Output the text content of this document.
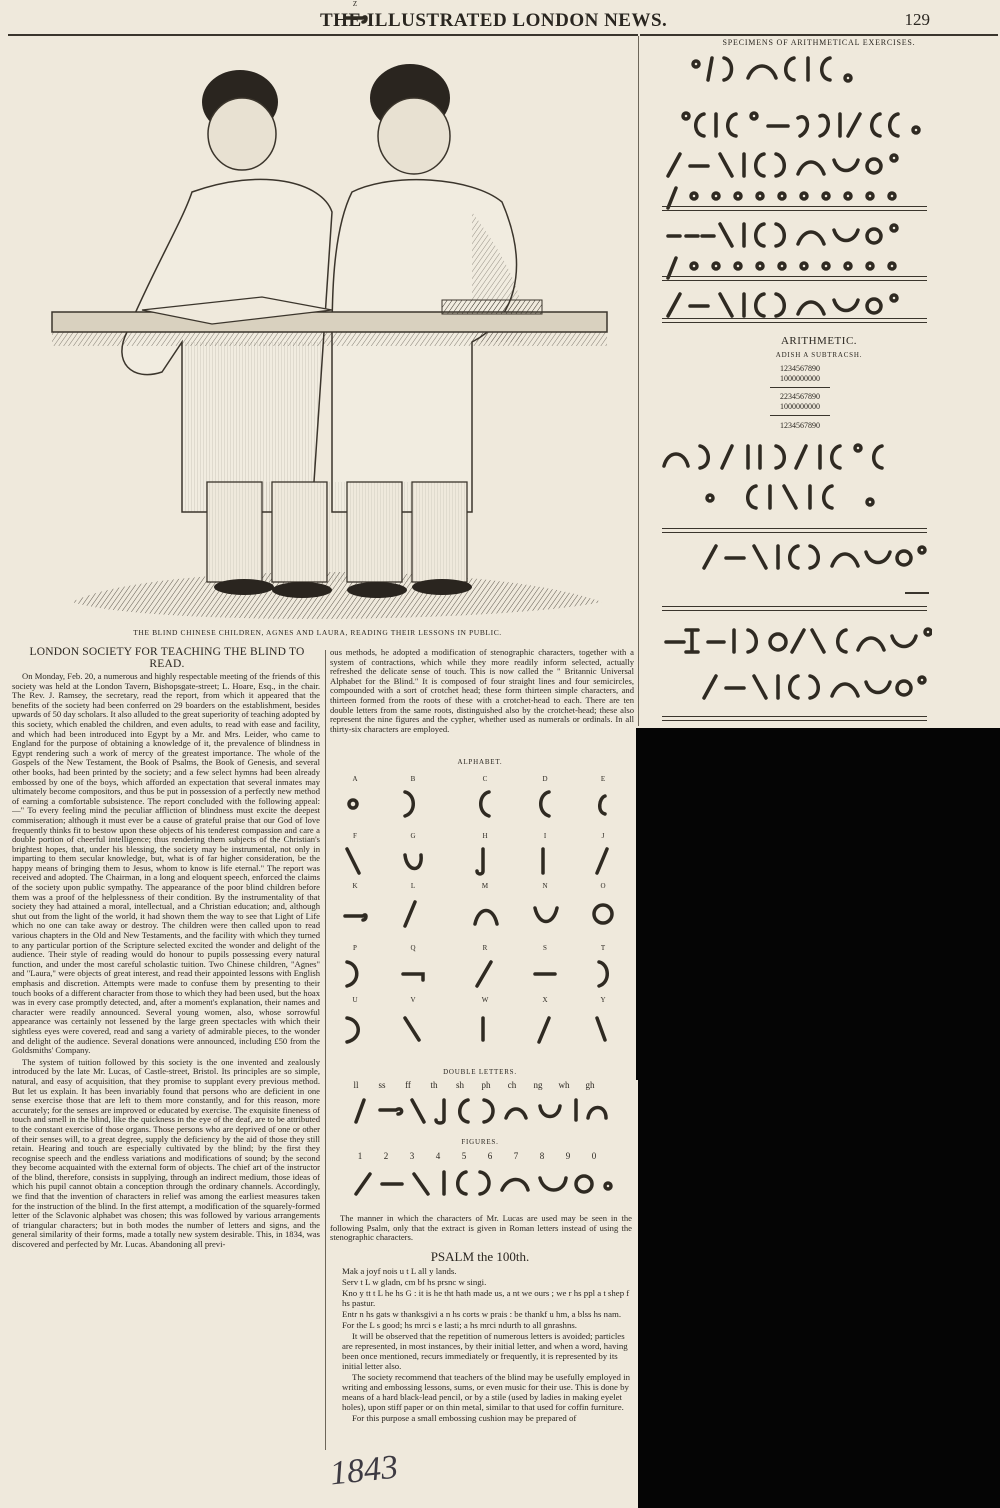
THE ILLUSTRATED LONDON NEWS.	129
THE BLIND CHINESE CHILDREN, AGNES AND LAURA, READING THEIR LESSONS IN PUBLIC.
LONDON SOCIETY FOR TEACHING THE BLIND TO READ.

On Monday, Feb. 20, a numerous and highly respectable meeting of the friends of this society was held at the London Tavern, Bishopsgate-street; L. Hoare, Esq., in the chair. The Rev. J. Ramsey, the secretary, read the report, from which it appeared that the benefits of the society had been conferred on 29 boarders on the establishment, besides upwards of 50 day scholars. It also alluded to the great superiority of teaching adopted by this society, which enabled the children, and even adults, to read with ease and facility, and which had been introduced into Egypt by a Mr. and Mrs. Leider, who came to England for the purpose of obtaining a knowledge of it, the prevalence of blindness in Egypt rendering such a work of mercy of the greatest importance. The whole of the Gospels of the New Testament, the Book of Psalms, the Book of Genesis, and several other books, had been printed by the society; and a few select hymns had been already embossed by one of the boys, which afforded an expectation that several inmates may ultimately become compositors, and thus be put in possession of a perfectly new method of earning a comfortable subsistence. The report concluded with the following appeal:—" To every feeling mind the peculiar affliction of blindness must excite the deepest commiseration; although it must ever be a cause of grateful praise that our God of love frequently thinks fit to bestow upon these objects of his tenderest compassion and care a double portion of cheerful intelligence; thus rendering them subjects of the Christian's brightest hopes, that, under his blessing, the society may be instrumental, not only in imparting to them secular knowledge, but, what is of far higher consideration, be the happy means of bringing them to Jesus, whom to know is life eternal." The report was received and adopted. The Chairman, in a long and eloquent speech, enforced the claims of the society upon public sympathy. The appearance of the poor blind children before them was a proof of the helplessness of their condition. By the instrumentality of that society they had attained a moral, intellectual, and a Christian education; and, although shut out from the light of the world, it had shown them the way to see that Light of Life which no one can take away or destroy. The children were then called upon to read various chapters in the Old and New Testaments, and the facility with which they turned to any particular portion of the Scripture selected excited the wonder and delight of the audience. Their style of reading would do honour to pupils possessing every natural function, and under the most careful scholastic tuition. Two Chinese children, "Agnes" and "Laura," were objects of great interest, and read their appointed lessons with English emphasis and discretion. Attempts were made to confuse them by presenting to their touch books of a different character from those to which they had been used, but the hoax was in every case promptly detected, and, after a moment's explanation, their names and character were readily announced. Several young women, also, whose sorrowful appearance was certainly not lessened by the large green spectacles with which their sightless eyes were covered, read and sang a variety of admirable pieces, to the wonder and delight of the audience. Several donations were announced, including £50 from the Goldsmiths' Company.

The system of tuition followed by this society is the one invented and zealously introduced by the late Mr. Lucas, of Castle-street, Bristol. Its principles are so simple, natural, and easy of acquisition, that they promise to supplant every previous method. But let us explain. It has been invariably found that persons who are deficient in one sense exercise those that are left to them more constantly, and for this reason, more accurately; for the senses are improved or educated by exercise. The exquisite fineness of touch and smell in the blind, like the quickness in the eye of the deaf, are to be attributed to the constant exercise of those organs. Those persons who are deprived of one or other of their senses will, to a great degree, supply the deficiency by the aid of those they still retain. Hearing and touch are especially cultivated by the blind; by the first they recognise speech and the endless variations and modifications of sound; by the second they become acquainted with the external form of objects. The chief art of the instructor of the blind, therefore, consists in supplying, through an indirect medium, those ideas of which his pupil cannot obtain a conception through the ordinary channels. Accordingly, we find that the invention of characters in relief was among the earliest measures taken for the instruction of the blind. In the first attempt, a modification of the squarely-formed letter of the Sclavonic alphabet was chosen; this was followed by various arrangements of triangular characters; but in both modes the number of letters and signs, and the general similarity of their forms, made a totally new system desirable. This, in 1834, was discovered and perfected by Mr. Lucas. Abandoning all previ-

ous methods, he adopted a modification of stenographic characters, together with a system of contractions, which while they more readily inform selected, actually refreshed the delicate sense of touch. This is now called the " Britannic Universal Alphabet for the Blind." It is composed of four straight lines and four semicircles, compounded with a sort of crotchet head; these form thirteen simple characters, and thirteen formed from the roots of these with a crotchet-head to each. There are ten double letters from the same roots, distinguished also by the crotchet-head; these also represent the nine figures and the cypher, whether used as numerals or ordinals. In all thirty-six characters are employed.

ALPHABET.
A	B	C	D	E
F	G	H	I	J
K	L	M	N	O
P	Q	R	S	T
U	V	W	X	Y
Z
DOUBLE LETTERS.
ll	ss	ff	th	sh	ph	ch	ng	wh	gh
FIGURES.
1	2	3	4	5	6	7	8	9	0

The manner in which the characters of Mr. Lucas are used may be seen in the following Psalm, only that the extract is given in Roman letters instead of using the stenographic characters.

PSALM the 100th.
Mak a joyf nois u t L all y lands.
Serv t L w gladn, cm bf hs prsnc w singi.
Kno y tt t L he hs G : it is he tht hath made us, a nt we ours ; we r hs ppl a t shep f hs pastur.
Entr n hs gats w thanksgivi a n hs corts w prais : be thankf u hm, a blss hs nam.
For the L s good; hs mrci s e lasti; a hs mrci ndurth to all gnrashns.
It will be observed that the repetition of numerous letters is avoided; particles are represented, in most instances, by their initial letter, and when a word, having been once mentioned, recurs immediately or frequently, it is represented by its initial letter also.
The society recommend that teachers of the blind may be usefully employed in writing and embossing lessons, sums, or even music for their use. This is done by means of a hard black-lead pencil, or by a stile (used by ladies in making eyelet holes), upon stiff paper or on thin metal, similar to that used for coffin furniture.
For this purpose a small embossing cushion may be prepared of
SPECIMENS OF ARITHMETICAL EXERCISES.
ARITHMETIC.
ADISH A SUBTRACSH.
1234567890
1000000000
2234567890
1000000000
1234567890
1843
